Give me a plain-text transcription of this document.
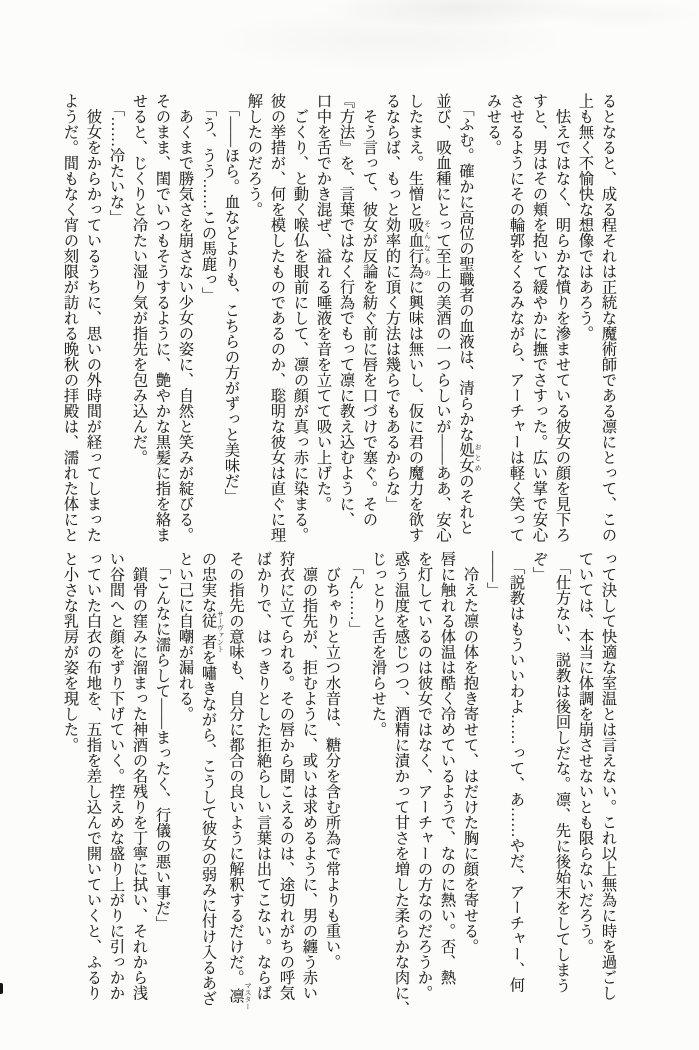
るとなると、成る程それは正統な魔術師である凛にとって、この

上も無く不愉快な想像ではあろう。

　怯えではなく、明らかな憤りを滲ませている彼女の顔を見下ろ

すと、男はその頬を抱いて緩やかに撫でさすった。広い掌で安心

させるようにその輪郭をくるみながら、アーチャーは軽く笑って

みせる。

　「ふむ。確かに高位の聖職者の血液は、清らかな処女 おとめのそれと

並び、吸血種にとって至上の美酒の一つらしいが――ああ、安心

したまえ。生憎と吸血行為 そんなものに興味は無いし、仮に君の魔力を欲す

るならば、もっと効率的に頂く方法は幾らでもあるからな」

　そう言って、彼女が反論を紡ぐ前に唇を口づけで塞ぐ。その

『方法』を、言葉ではなく行為でもって凛に教え込むように、

口中を舌でかき混ぜ、溢れる唾液を音を立てて吸い上げた。

　ごくり、と動く喉仏を眼前にして、凛の顔が真っ赤に染まる。

彼の挙措が、何を模したものであるのか、聡明な彼女は直ぐに理

解したのだろう。

　「――ほら。血などよりも、こちらの方がずっと美味だ」

　「う、うう……この馬鹿っ」

　あくまで勝気さを崩さない少女の姿に、自然と笑みが綻びる。

そのまま、閨でいつもそうするように、艶やかな黒髪に指を絡ま

せると、じくりと冷たい湿り気が指先を包み込んだ。

　「……冷たいな」

　彼女をからかっているうちに、思いの外時間が経ってしまった

ようだ。間もなく宵の刻限が訪れる晩秋の拝殿は、濡れた体にと

って決して快適な室温とは言えない。これ以上無為に時を過ごし

ていては、本当に体調を崩させないとも限らないだろう。

　「仕方ない、説教は後回しだな。凛、先に後始末をしてしまう

ぞ」

　「説教はもういいわよ……って、あ……やだ、アーチャー、何

――」

　冷えた凛の体を抱き寄せて、はだけた胸に顔を寄せる。

唇に触れる体温は酷く冷めているようで、なのに熱い。否、熱

を灯しているのは彼女ではなく、アーチャーの方なのだろうか。

惑う温度を感じつつ、酒精に漬かって甘さを増した柔らかな肉に、

じっとりと舌を滑らせた。

　「ん……」

　びちゃりと立つ水音は、糖分を含む所為で常よりも重い。

　凛の指先が、拒むように、或いは求めるように、男の纏う赤い

狩衣に立てられる。その唇から聞こえるのは、途切れがちの呼気

ばかりで、はっきりとした拒絶らしい言葉は出てこない。ならば

その指先の意味も、自分に都合の良いように解釈するだけだ。凛 マスター

の忠実な従者 サーヴァントを嘯きながら、こうして彼女の弱みに付け入るあざ

とい己に自嘲が漏れる。

　「こんなに濡らして――まったく、行儀の悪い事だ」

　鎖骨の窪みに溜まった神酒の名残りを丁寧に拭い、それから浅

い谷間へと顔をずり下げていく。控えめな盛り上がりに引っかか

っていた白衣の布地を、五指を差し込んで開いていくと、ふるり

と小さな乳房が姿を現した。
